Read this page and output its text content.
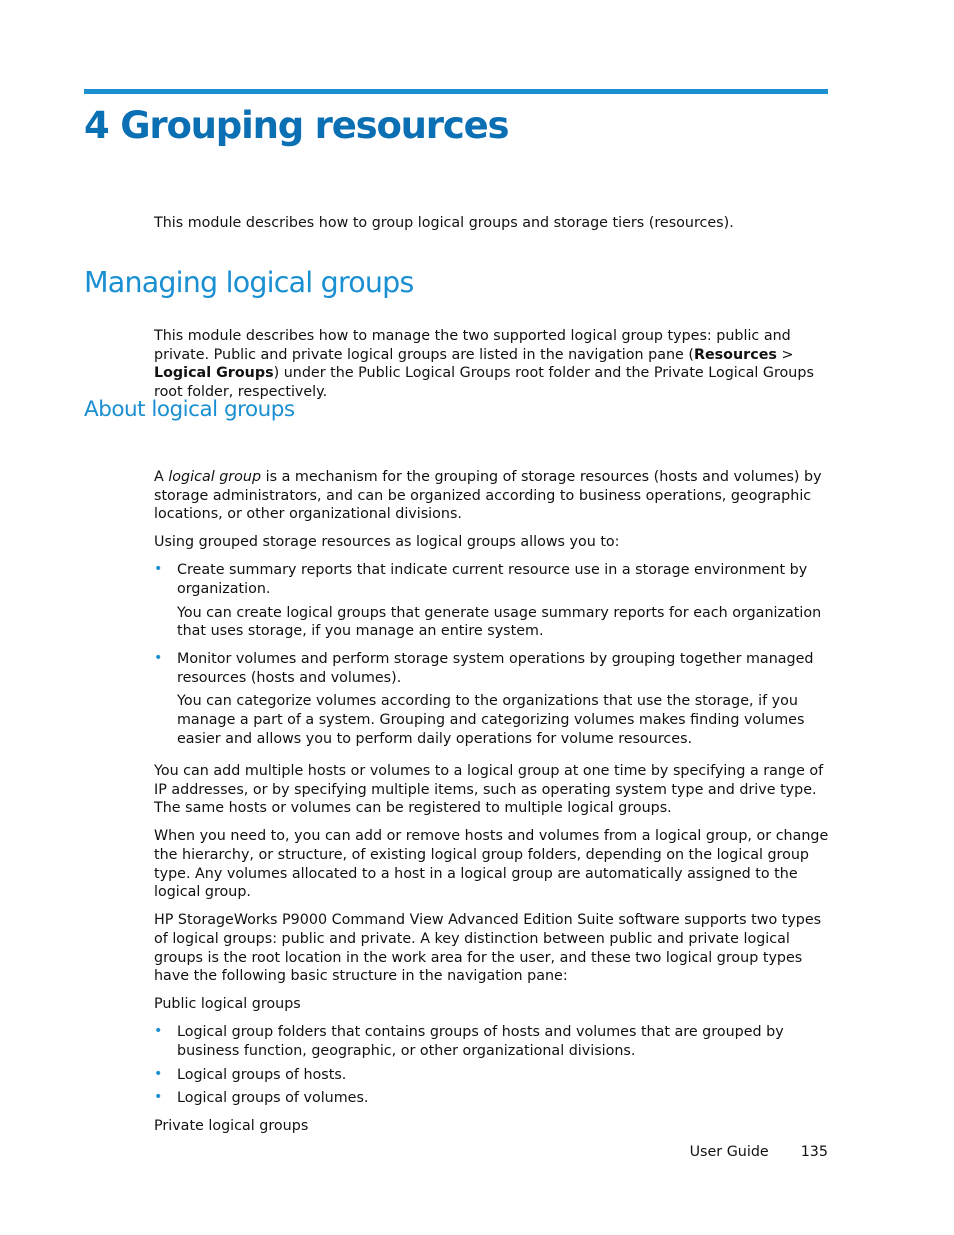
4 Grouping resources
Managing logical groups
About logical groups

This module describes how to group logical groups and storage tiers (resources).

This module describes how to manage the two supported logical group types: public and private. Public and private logical groups are listed in the navigation pane (Resources > Logical Groups) under the Public Logical Groups root folder and the Private Logical Groups root folder, respectively.

A logical group is a mechanism for the grouping of storage resources (hosts and volumes) by storage administrators, and can be organized according to business operations, geographic locations, or other organizational divisions.

Using grouped storage resources as logical groups allows you to:

• Create summary reports that indicate current resource use in a storage environment by organization.

You can create logical groups that generate usage summary reports for each organization that uses storage, if you manage an entire system.

• Monitor volumes and perform storage system operations by grouping together managed resources (hosts and volumes).

You can categorize volumes according to the organizations that use the storage, if you manage a part of a system. Grouping and categorizing volumes makes finding volumes easier and allows you to perform daily operations for volume resources.

You can add multiple hosts or volumes to a logical group at one time by specifying a range of IP addresses, or by specifying multiple items, such as operating system type and drive type. The same hosts or volumes can be registered to multiple logical groups.

When you need to, you can add or remove hosts and volumes from a logical group, or change the hierarchy, or structure, of existing logical group folders, depending on the logical group type. Any volumes allocated to a host in a logical group are automatically assigned to the logical group.

HP StorageWorks P9000 Command View Advanced Edition Suite software supports two types of logical groups: public and private. A key distinction between public and private logical groups is the root location in the work area for the user, and these two logical group types have the following basic structure in the navigation pane:

Public logical groups

• Logical group folders that contains groups of hosts and volumes that are grouped by business function, geographic, or other organizational divisions.

• Logical groups of hosts.

• Logical groups of volumes.

Private logical groups

User Guide 135
